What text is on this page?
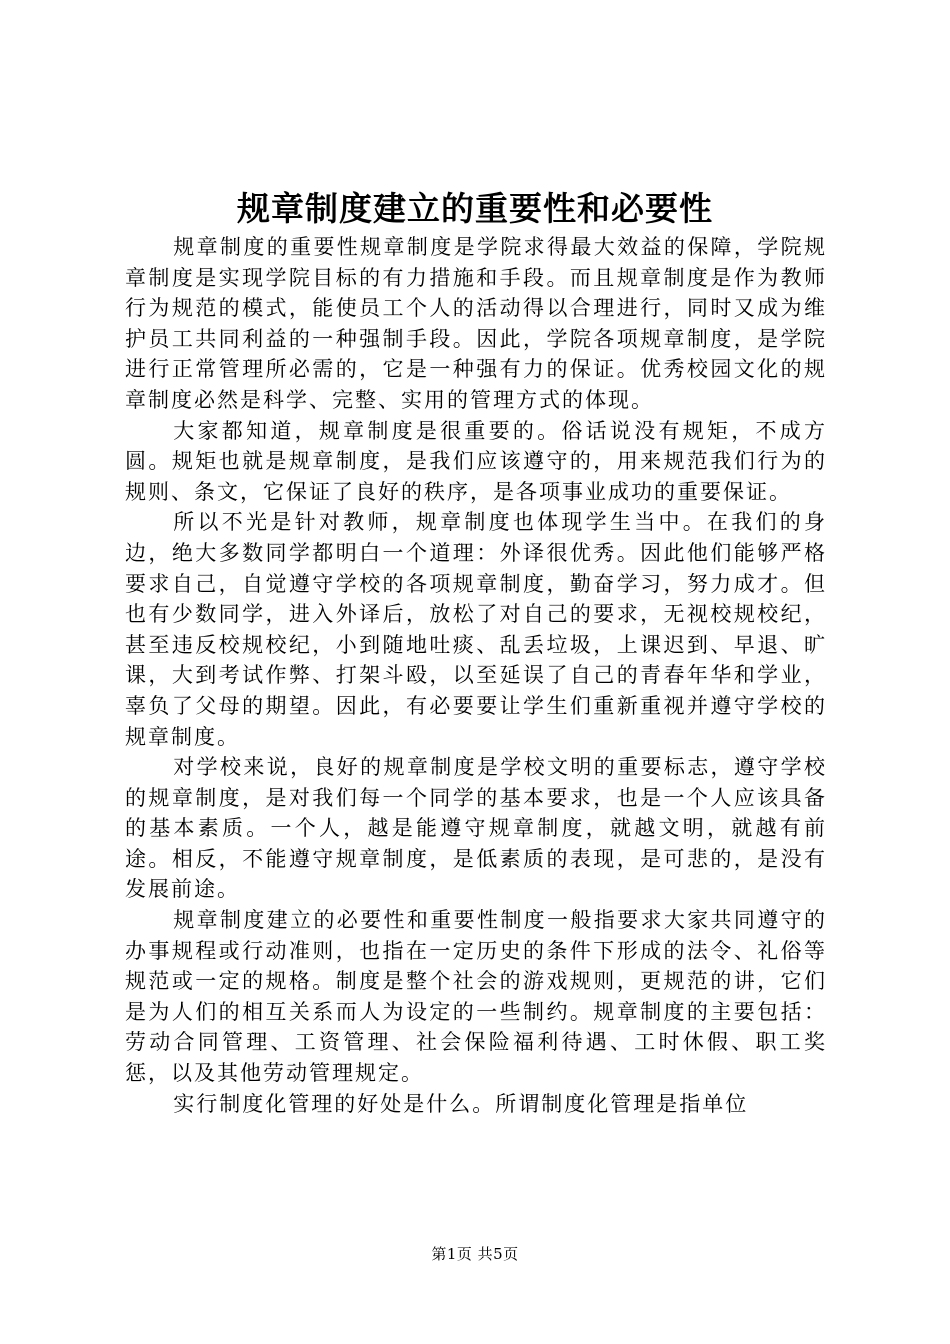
规章制度建立的重要性和必要性

规章制度的重要性规章制度是学院求得最大效益的保障，学院规章制度是实现学院目标的有力措施和手段。而且规章制度是作为教师行为规范的模式，能使员工个人的活动得以合理进行，同时又成为维护员工共同利益的一种强制手段。因此，学院各项规章制度，是学院进行正常管理所必需的，它是一种强有力的保证。优秀校园文化的规章制度必然是科学、完整、实用的管理方式的体现。

大家都知道，规章制度是很重要的。俗话说没有规矩，不成方圆。规矩也就是规章制度，是我们应该遵守的，用来规范我们行为的规则、条文，它保证了良好的秩序，是各项事业成功的重要保证。

所以不光是针对教师，规章制度也体现学生当中。在我们的身边，绝大多数同学都明白一个道理：外译很优秀。因此他们能够严格要求自己，自觉遵守学校的各项规章制度，勤奋学习，努力成才。但也有少数同学，进入外译后，放松了对自己的要求，无视校规校纪，甚至违反校规校纪，小到随地吐痰、乱丢垃圾，上课迟到、早退、旷课，大到考试作弊、打架斗殴，以至延误了自己的青春年华和学业，辜负了父母的期望。因此，有必要要让学生们重新重视并遵守学校的规章制度。

对学校来说，良好的规章制度是学校文明的重要标志，遵守学校的规章制度，是对我们每一个同学的基本要求，也是一个人应该具备的基本素质。一个人，越是能遵守规章制度，就越文明，就越有前途。相反，不能遵守规章制度，是低素质的表现，是可悲的，是没有发展前途。

规章制度建立的必要性和重要性制度一般指要求大家共同遵守的办事规程或行动准则，也指在一定历史的条件下形成的法令、礼俗等规范或一定的规格。制度是整个社会的游戏规则，更规范的讲，它们是为人们的相互关系而人为设定的一些制约。规章制度的主要包括：劳动合同管理、工资管理、社会保险福利待遇、工时休假、职工奖惩，以及其他劳动管理规定。

实行制度化管理的好处是什么。所谓制度化管理是指单位

第1页 共5页
